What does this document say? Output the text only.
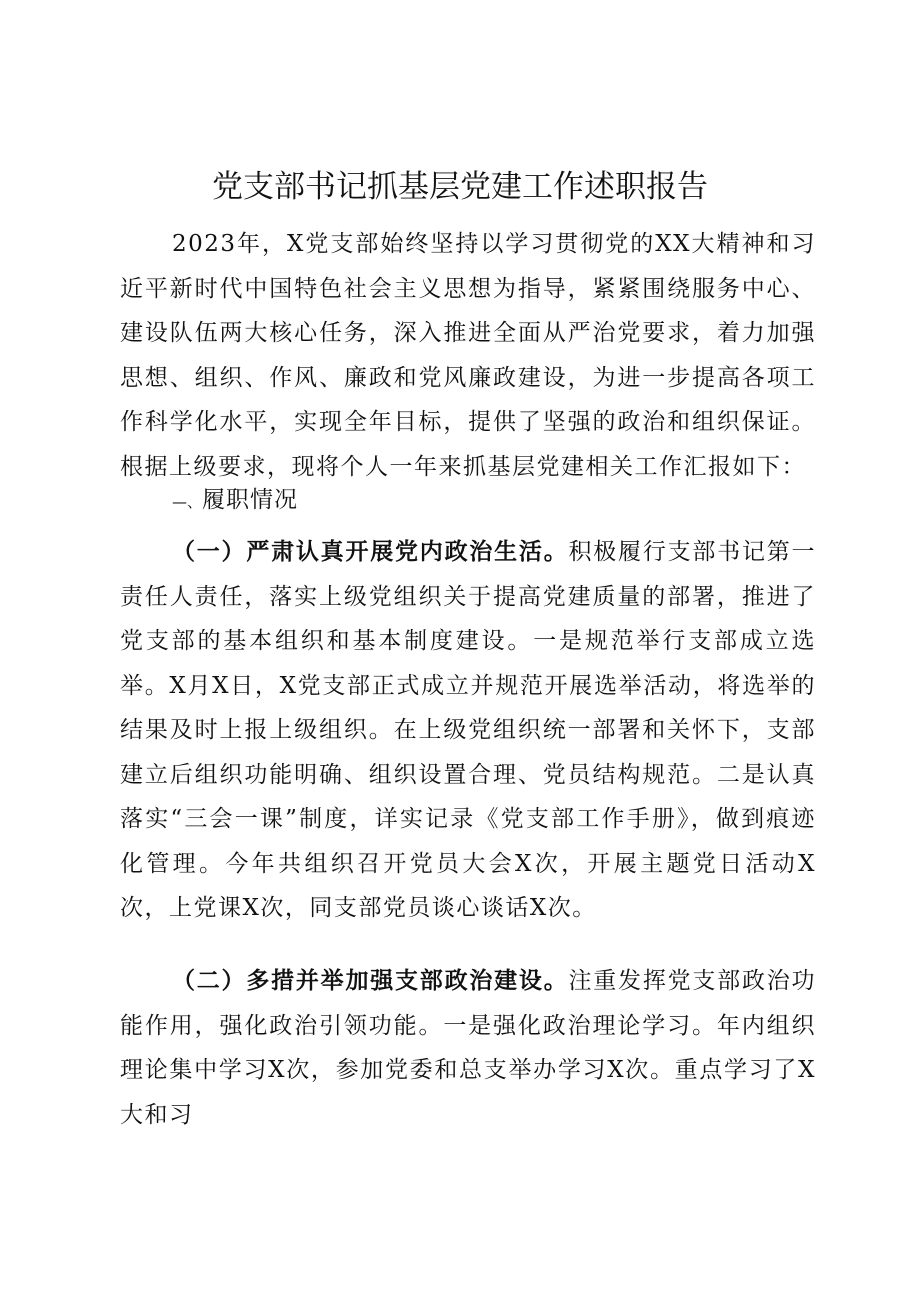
党支部书记抓基层党建工作述职报告
2023年，X党支部始终坚持以学习贯彻党的XX大精神和习近平新时代中国特色社会主义思想为指导，紧紧围绕服务中心、建设队伍两大核心任务，深入推进全面从严治党要求，着力加强思想、组织、作风、廉政和党风廉政建设，为进一步提高各项工作科学化水平，实现全年目标，提供了坚强的政治和组织保证。根据上级要求，现将个人一年来抓基层党建相关工作汇报如下：
—、履职情况
（一）严肃认真开展党内政治生活。积极履行支部书记第一责任人责任，落实上级党组织关于提高党建质量的部署，推进了党支部的基本组织和基本制度建设。一是规范举行支部成立选举。X月X日，X党支部正式成立并规范开展选举活动，将选举的结果及时上报上级组织。在上级党组织统一部署和关怀下，支部建立后组织功能明确、组织设置合理、党员结构规范。二是认真落实“三会一课”制度，详实记录《党支部工作手册》，做到痕迹化管理。今年共组织召开党员大会X次，开展主题党日活动X次，上党课X次，同支部党员谈心谈话X次。
（二）多措并举加强支部政治建设。注重发挥党支部政治功能作用，强化政治引领功能。一是强化政治理论学习。年内组织理论集中学习X次，参加党委和总支举办学习X次。重点学习了X大和习
